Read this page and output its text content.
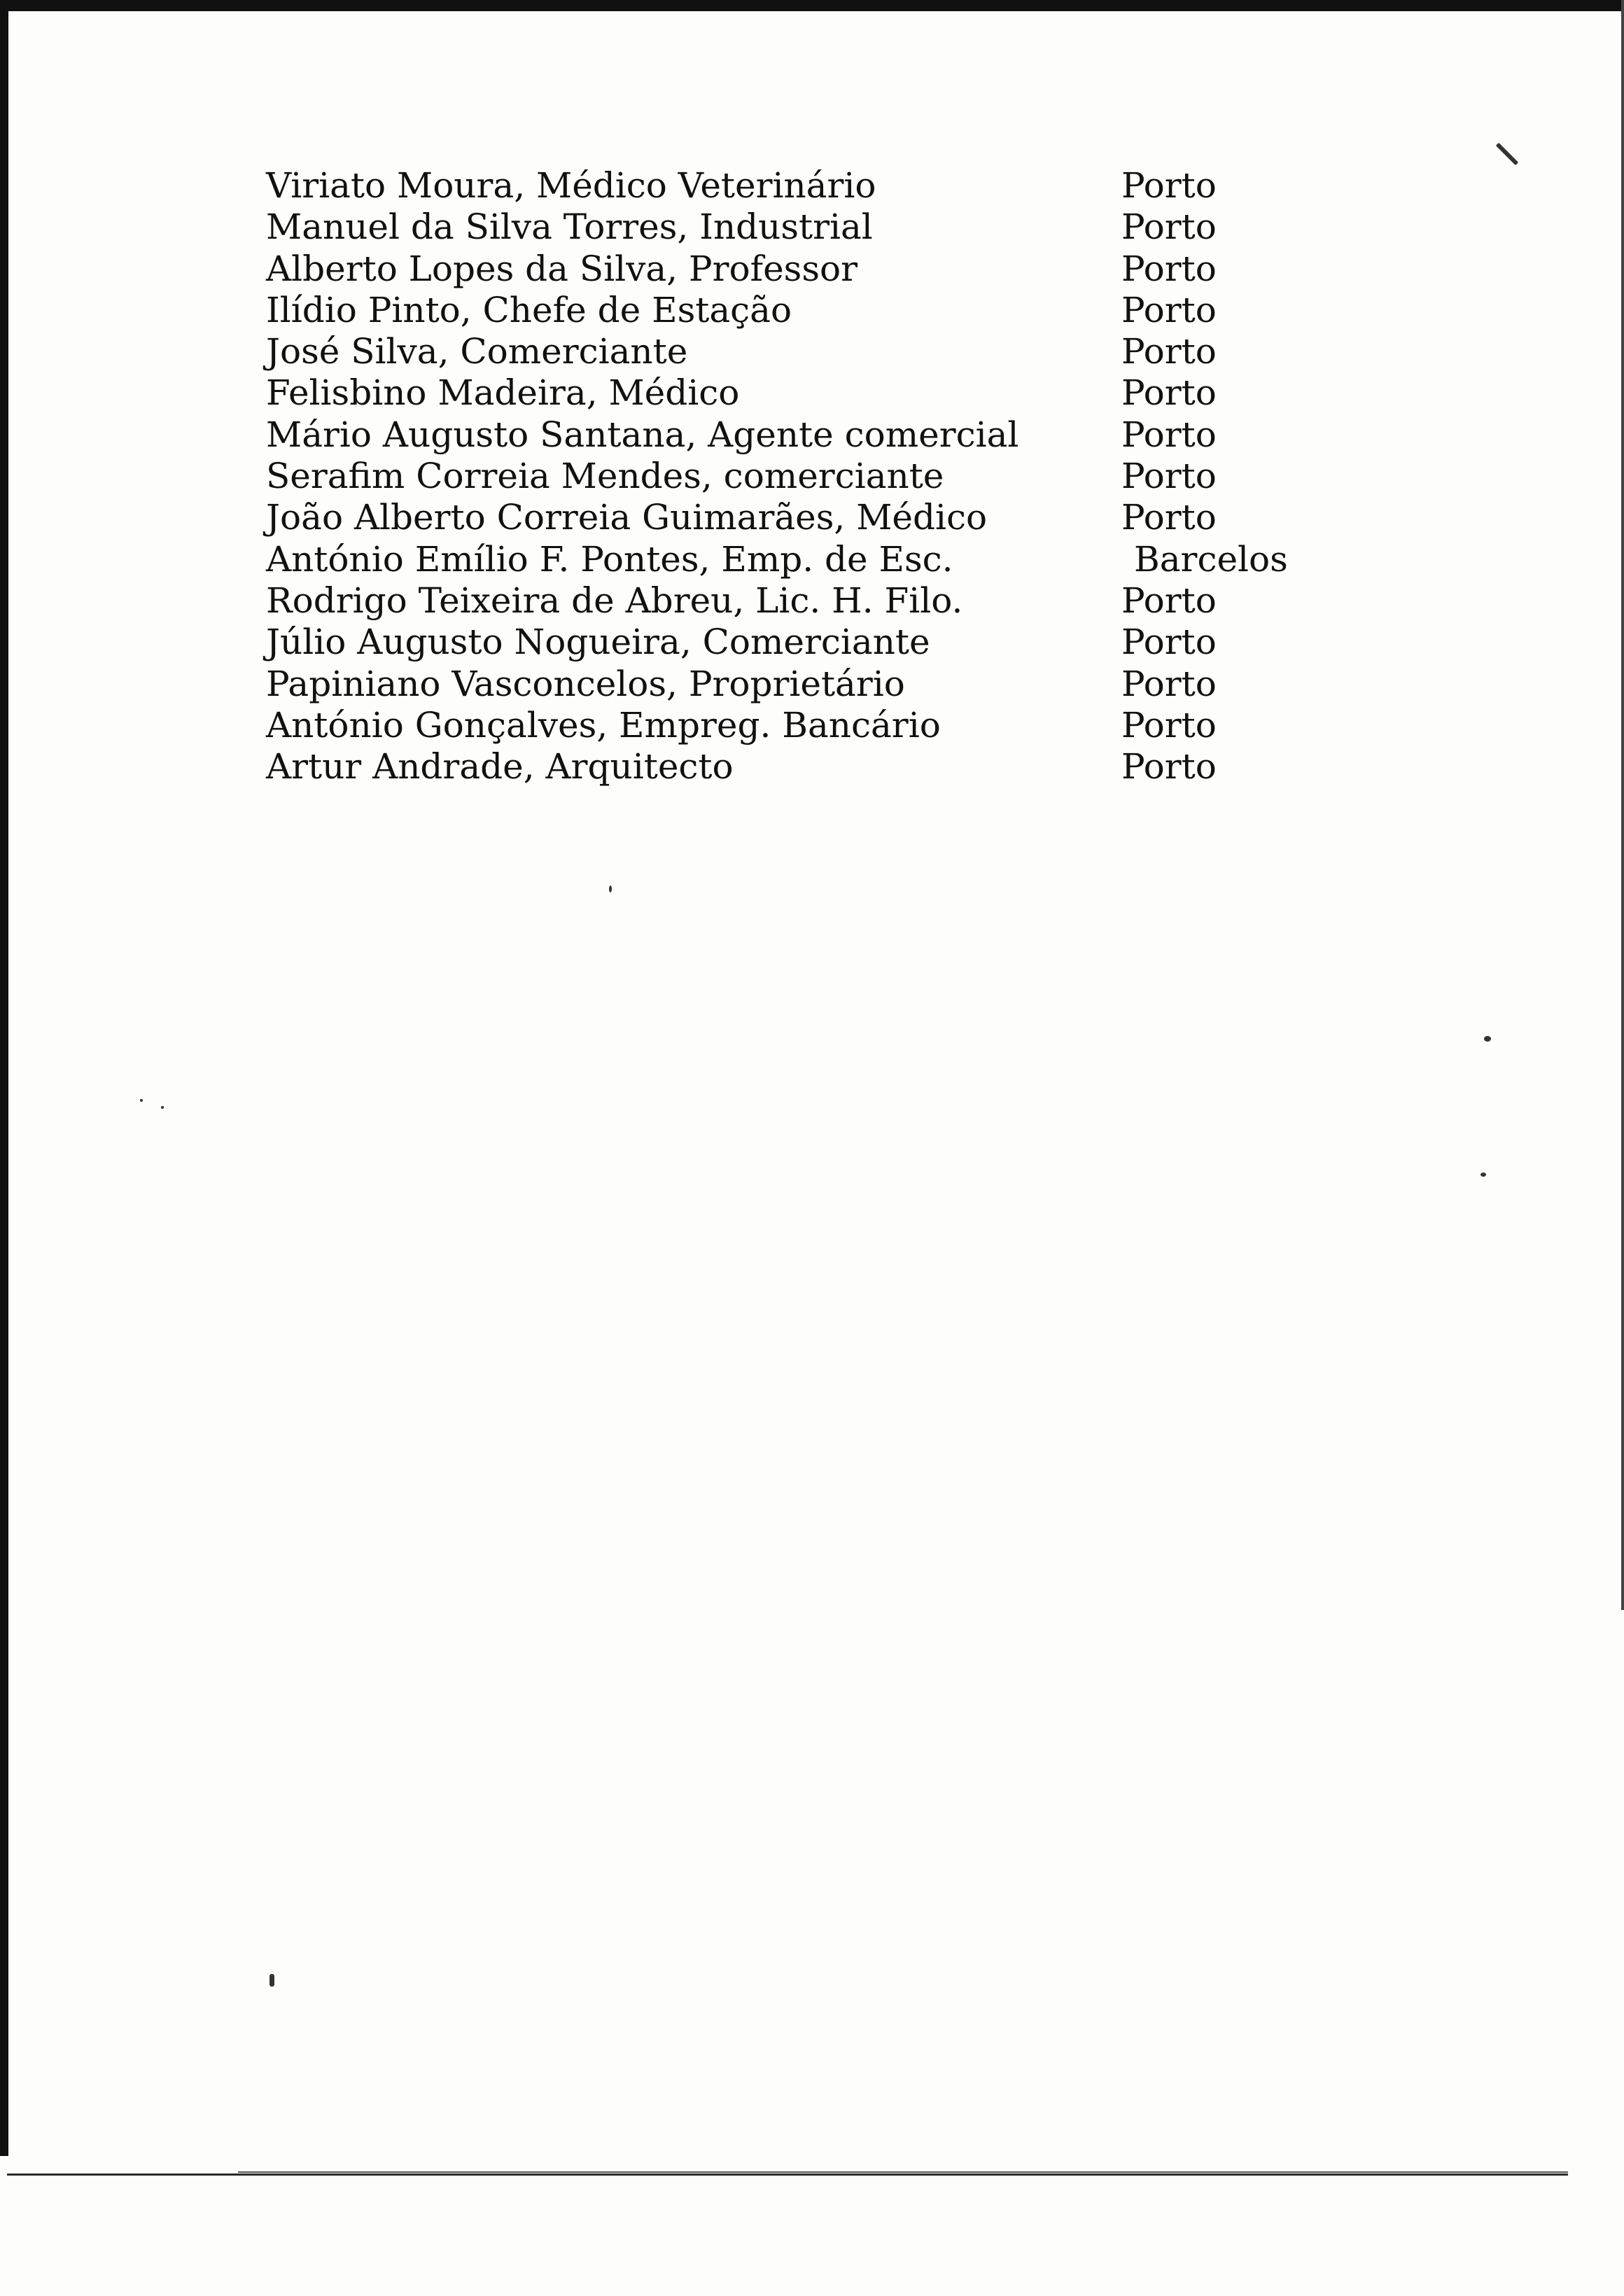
Viriato Moura, Médico Veterinário	Porto
Manuel da Silva Torres, Industrial	Porto
Alberto Lopes da Silva, Professor	Porto
Ilídio Pinto, Chefe de Estação	Porto
José Silva, Comerciante	Porto
Felisbino Madeira, Médico	Porto
Mário Augusto Santana, Agente comercial	Porto
Serafim Correia Mendes, comerciante	Porto
João Alberto Correia Guimarães, Médico	Porto
António Emílio F. Pontes, Emp. de Esc.	Barcelos
Rodrigo Teixeira de Abreu, Lic. H. Filo.	Porto
Júlio Augusto Nogueira, Comerciante	Porto
Papiniano Vasconcelos, Proprietário	Porto
António Gonçalves, Empreg. Bancário	Porto
Artur Andrade, Arquitecto	Porto
